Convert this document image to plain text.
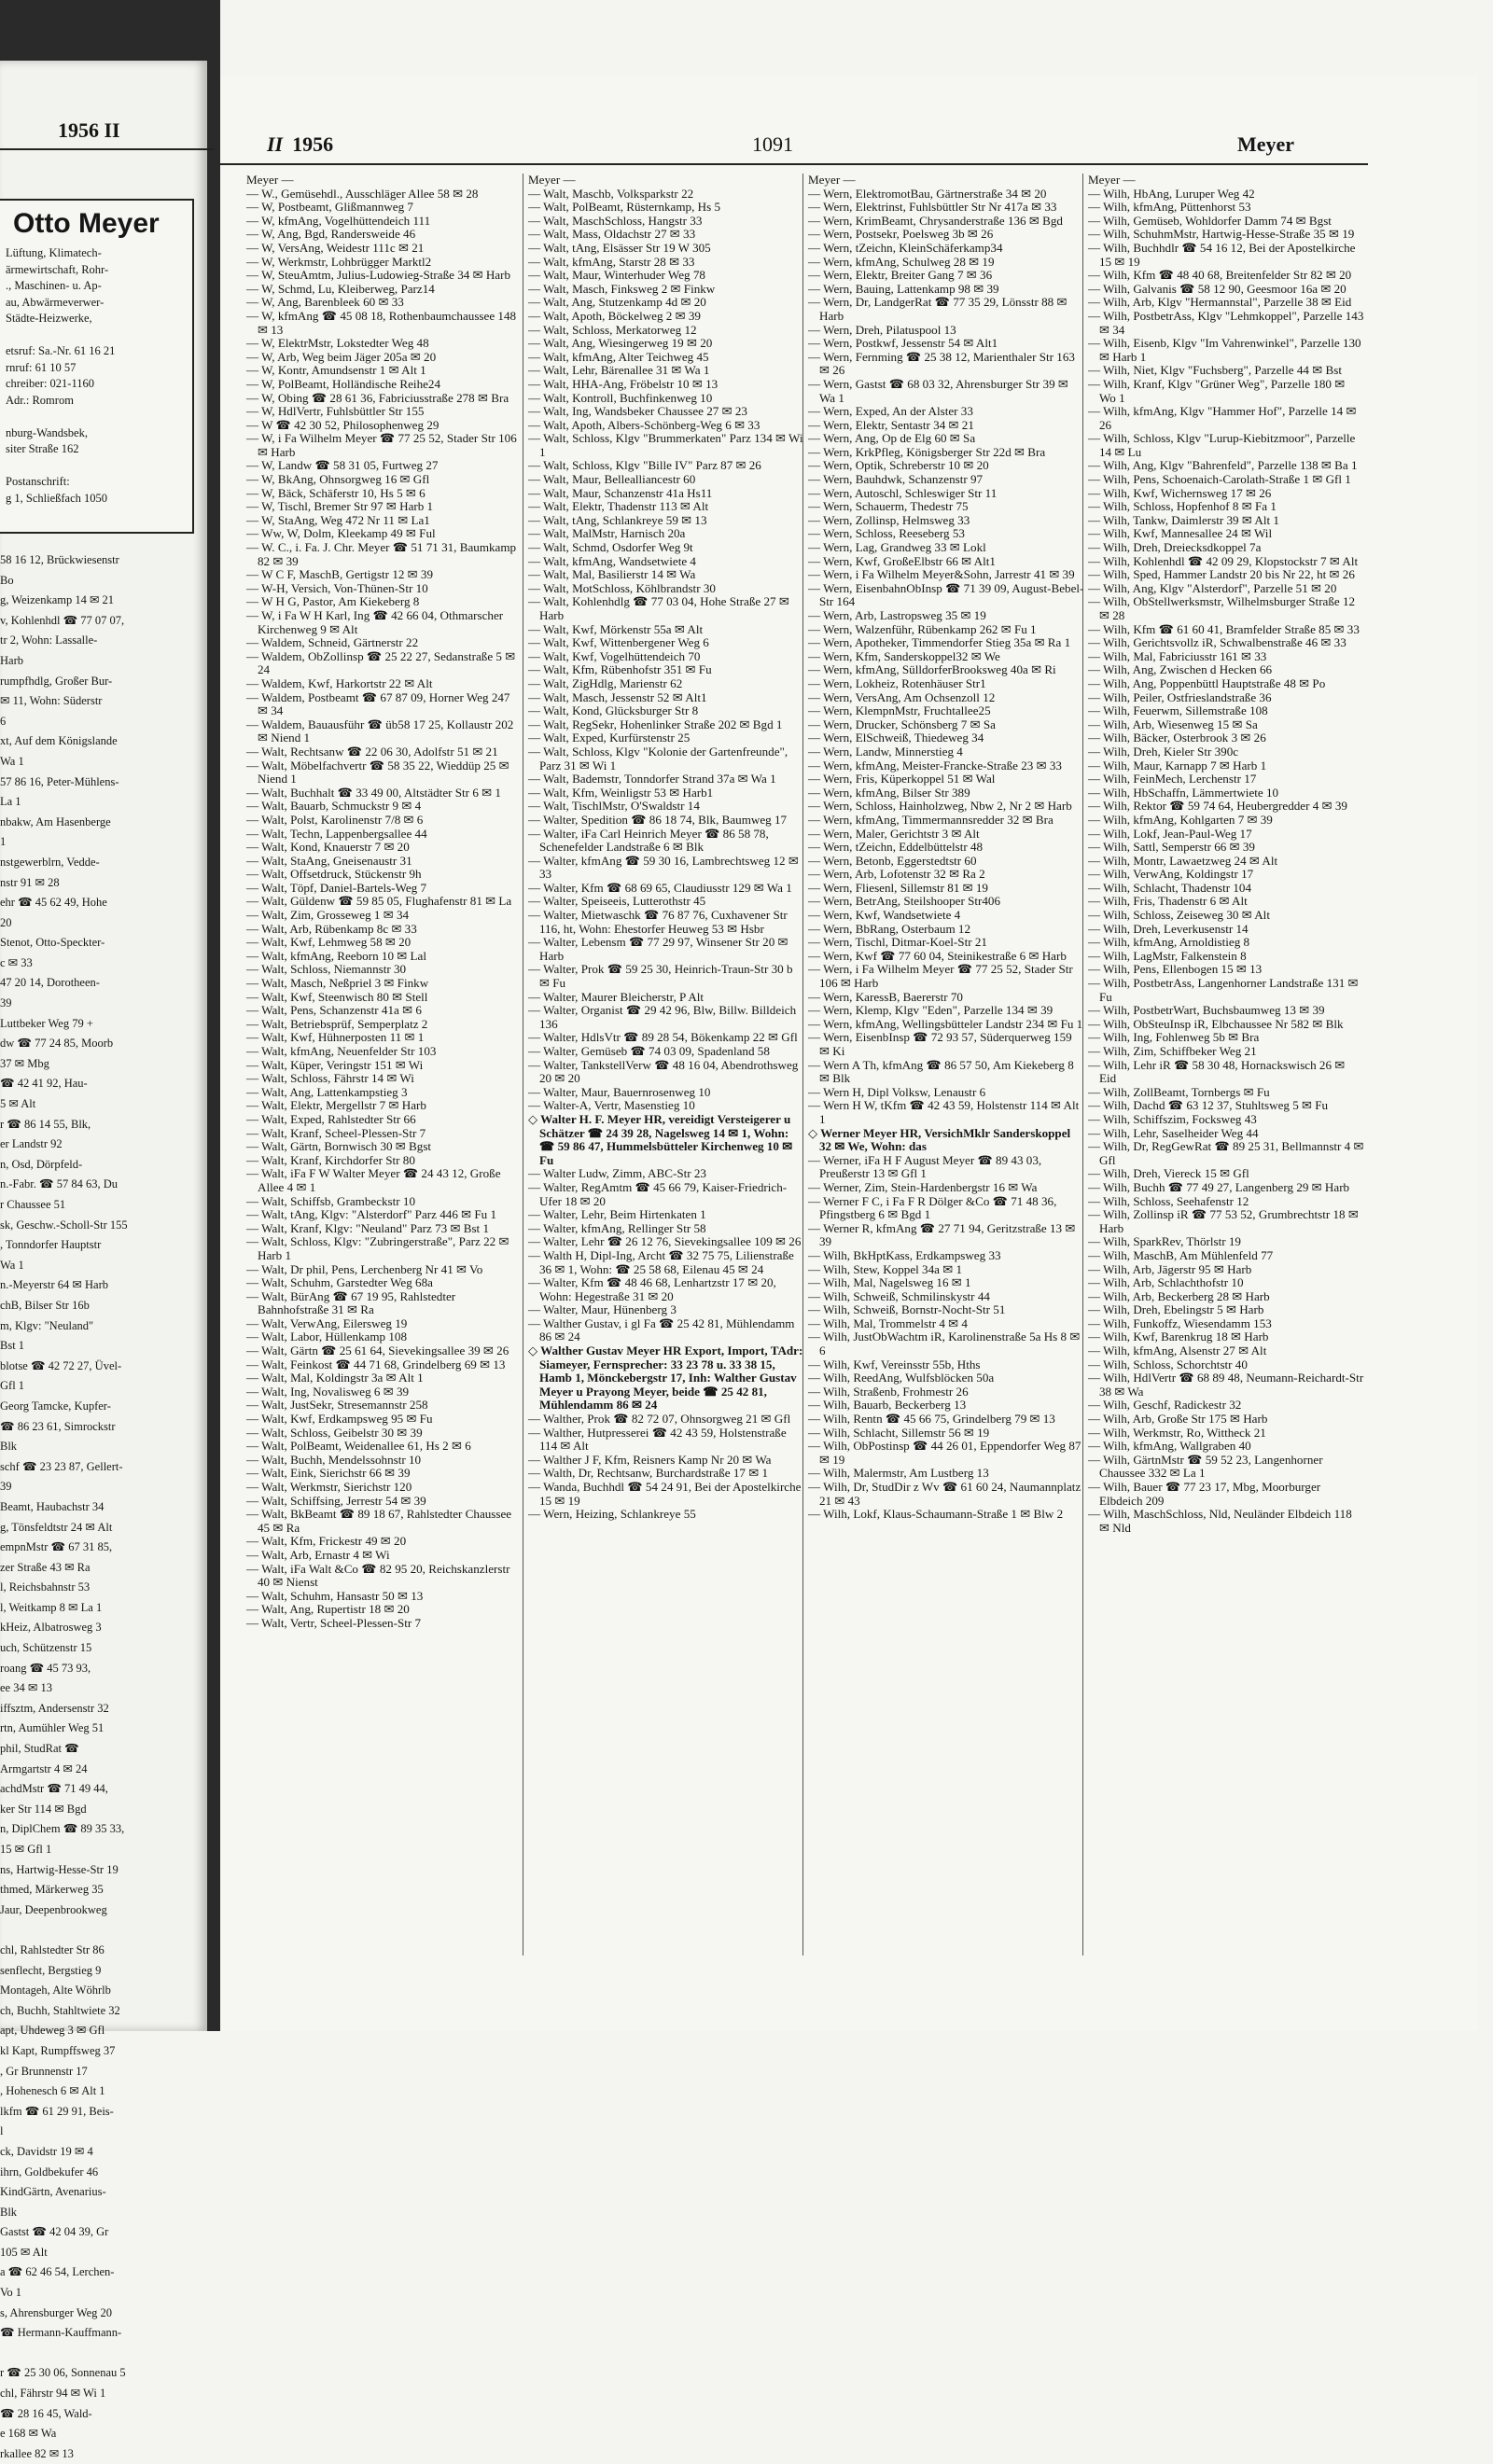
1956 II
Otto Meyer
Lüftung, Klimatech-
ärmewirtschaft, Rohr-
., Maschinen- u. Ap-
au, Abwärmeverwer-
Städte-Heizwerke,

etsruf: Sa.-Nr. 61 16 21
rnruf: 61 10 57
chreiber: 021-1160
Adr.: Romrom

nburg-Wandsbek,
siter Straße 162

Postanschrift:
g 1, Schließfach 1050
58 16 12, Brückwiesenstr
Bo
g, Weizenkamp 14 ✉ 21
v, Kohlenhdl ☎ 77 07 07,
tr 2, Wohn: Lassalle-
Harb
rumpfhdlg, Großer Bur-
✉ 11, Wohn: Süderstr
6
xt, Auf dem Königslande
Wa 1
57 86 16, Peter-Mühlens-
La 1
nbakw, Am Hasenberge
1
nstgewerblrn, Vedde-
nstr 91 ✉ 28
ehr ☎ 45 62 49, Hohe
20
Stenot, Otto-Speckter-
c ✉ 33
47 20 14, Dorotheen-
39
Luttbeker Weg 79 +
dw ☎ 77 24 85, Moorb
37 ✉ Mbg
☎ 42 41 92, Hau-
5 ✉ Alt
r ☎ 86 14 55, Blk,
er Landstr 92
n, Osd, Dörpfeld-
n.-Fabr. ☎ 57 84 63, Du
r Chaussee 51
sk, Geschw.-Scholl-Str 155
, Tonndorfer Hauptstr
Wa 1
n.-Meyerstr 64 ✉ Harb
chB, Bilser Str 16b
m, Klgv: "Neuland"
Bst 1
blotse ☎ 42 72 27, Üvel-
Gfl 1
Georg Tamcke, Kupfer-
☎ 86 23 61, Simrockstr
Blk
schf ☎ 23 23 87, Gellert-
39
Beamt, Haubachstr 34
g, Tönsfeldtstr 24 ✉ Alt
empnMstr ☎ 67 31 85,
zer Straße 43 ✉ Ra
l, Reichsbahnstr 53
l, Weitkamp 8 ✉ La 1
kHeiz, Albatrosweg 3
uch, Schützenstr 15
roang ☎ 45 73 93,
ee 34 ✉ 13
iffsztm, Andersenstr 32
rtn, Aumühler Weg 51
phil, StudRat ☎
Armgartstr 4 ✉ 24
achdMstr ☎ 71 49 44,
ker Str 114 ✉ Bgd
n, DiplChem ☎ 89 35 33,
15 ✉ Gfl 1
ns, Hartwig-Hesse-Str 19
thmed, Märkerweg 35
Jaur, Deepenbrookweg

chl, Rahlstedter Str 86
senflecht, Bergstieg 9
Montageh, Alte Wöhrlb
ch, Buchh, Stahltwiete 32
apt, Uhdeweg 3 ✉ Gfl
kl Kapt, Rumpffsweg 37
, Gr Brunnenstr 17
, Hohenesch 6 ✉ Alt 1
lkfm ☎ 61 29 91, Beis-
l
ck, Davidstr 19 ✉ 4
ihrn, Goldbekufer 46
KindGärtn, Avenarius-
Blk
Gastst ☎ 42 04 39, Gr
105 ✉ Alt
a ☎ 62 46 54, Lerchen-
Vo 1
s, Ahrensburger Weg 20
☎ Hermann-Kauffmann-

r ☎ 25 30 06, Sonnenau 5
chl, Fährstr 94 ✉ Wi 1
☎ 28 16 45, Wald-
e 168 ✉ Wa
rkallee 82 ✉ 13
II 1956	1091	Meyer

Meyer —

— W., Gemüsehdl., Ausschläger Allee 58 ✉ 28

— W, Postbeamt, Glißmannweg 7

— W, kfmAng, Vogelhüttendeich 111

— W, Ang, Bgd, Randersweide 46

— W, VersAng, Weidestr 111c ✉ 21

— W, Werkmstr, Lohbrügger Marktl2

— W, SteuAmtm, Julius-Ludowieg-Straße 34 ✉ Harb

— W, Schmd, Lu, Kleiberweg, Parz14

— W, Ang, Barenbleek 60 ✉ 33

— W, kfmAng ☎ 45 08 18, Rothenbaumchaussee 148 ✉ 13

— W, ElektrMstr, Lokstedter Weg 48

— W, Arb, Weg beim Jäger 205a ✉ 20

— W, Kontr, Amundsenstr 1 ✉ Alt 1

— W, PolBeamt, Holländische Reihe24

— W, Obing ☎ 28 61 36, Fabriciusstraße 278 ✉ Bra

— W, HdlVertr, Fuhlsbüttler Str 155

— W ☎ 42 30 52, Philosophenweg 29

— W, i Fa Wilhelm Meyer ☎ 77 25 52, Stader Str 106 ✉ Harb

— W, Landw ☎ 58 31 05, Furtweg 27

— W, BkAng, Ohnsorgweg 16 ✉ Gfl

— W, Bäck, Schäferstr 10, Hs 5 ✉ 6

— W, Tischl, Bremer Str 97 ✉ Harb 1

— W, StaAng, Weg 472 Nr 11 ✉ La1

— Ww, W, Dolm, Kleekamp 49 ✉ Ful

— W. C., i. Fa. J. Chr. Meyer ☎ 51 71 31, Baumkamp 82 ✉ 39

— W C F, MaschB, Gertigstr 12 ✉ 39

— W-H, Versich, Von-Thünen-Str 10

— W H G, Pastor, Am Kiekeberg 8

— W, i Fa W H Karl, Ing ☎ 42 66 04, Othmarscher Kirchenweg 9 ✉ Alt

— Waldem, Schneid, Gärtnerstr 22

— Waldem, ObZollinsp ☎ 25 22 27, Sedanstraße 5 ✉ 24

— Waldem, Kwf, Harkortstr 22 ✉ Alt

— Waldem, Postbeamt ☎ 67 87 09, Horner Weg 247 ✉ 34

— Waldem, Bauausführ ☎ üb58 17 25, Kollaustr 202 ✉ Niend 1

— Walt, Rechtsanw ☎ 22 06 30, Adolfstr 51 ✉ 21

— Walt, Möbelfachvertr ☎ 58 35 22, Wieddüp 25 ✉ Niend 1

— Walt, Buchhalt ☎ 33 49 00, Altstädter Str 6 ✉ 1

— Walt, Bauarb, Schmuckstr 9 ✉ 4

— Walt, Polst, Karolinenstr 7/8 ✉ 6

— Walt, Techn, Lappenbergsallee 44

— Walt, Kond, Knauerstr 7 ✉ 20

— Walt, StaAng, Gneisenaustr 31

— Walt, Offsetdruck, Stückenstr 9h

— Walt, Töpf, Daniel-Bartels-Weg 7

— Walt, Güldenw ☎ 59 85 05, Flughafenstr 81 ✉ La

— Walt, Zim, Grosseweg 1 ✉ 34

— Walt, Arb, Rübenkamp 8c ✉ 33

— Walt, Kwf, Lehmweg 58 ✉ 20

— Walt, kfmAng, Reeborn 10 ✉ Lal

— Walt, Schloss, Niemannstr 30

— Walt, Masch, Neßpriel 3 ✉ Finkw

— Walt, Kwf, Steenwisch 80 ✉ Stell

— Walt, Pens, Schanzenstr 41a ✉ 6

— Walt, Betriebsprüf, Semperplatz 2

— Walt, Kwf, Hühnerposten 11 ✉ 1

— Walt, kfmAng, Neuenfelder Str 103

— Walt, Küper, Veringstr 151 ✉ Wi

— Walt, Schloss, Fährstr 14 ✉ Wi

— Walt, Ang, Lattenkampstieg 3

— Walt, Elektr, Mergellstr 7 ✉ Harb

— Walt, Exped, Rahlstedter Str 66

— Walt, Kranf, Scheel-Plessen-Str 7

— Walt, Gärtn, Bornwisch 30 ✉ Bgst

— Walt, Kranf, Kirchdorfer Str 80

— Walt, iFa F W Walter Meyer ☎ 24 43 12, Große Allee 4 ✉ 1

— Walt, Schiffsb, Grambeckstr 10

— Walt, tAng, Klgv: "Alsterdorf" Parz 446 ✉ Fu 1

— Walt, Kranf, Klgv: "Neuland" Parz 73 ✉ Bst 1

— Walt, Schloss, Klgv: "Zubringerstraße", Parz 22 ✉ Harb 1

— Walt, Dr phil, Pens, Lerchenberg Nr 41 ✉ Vo

— Walt, Schuhm, Garstedter Weg 68a

— Walt, BürAng ☎ 67 19 95, Rahlstedter Bahnhofstraße 31 ✉ Ra

— Walt, VerwAng, Eilersweg 19

— Walt, Labor, Hüllenkamp 108

— Walt, Gärtn ☎ 25 61 64, Sievekingsallee 39 ✉ 26

— Walt, Feinkost ☎ 44 71 68, Grindelberg 69 ✉ 13

— Walt, Mal, Koldingstr 3a ✉ Alt 1

— Walt, Ing, Novalisweg 6 ✉ 39

— Walt, JustSekr, Stresemannstr 258

— Walt, Kwf, Erdkampsweg 95 ✉ Fu

— Walt, Schloss, Geibelstr 30 ✉ 39

— Walt, PolBeamt, Weidenallee 61, Hs 2 ✉ 6

— Walt, Buchh, Mendelssohnstr 10

— Walt, Eink, Sierichstr 66 ✉ 39

— Walt, Werkmstr, Sierichstr 120

— Walt, Schiffsing, Jerrestr 54 ✉ 39

— Walt, BkBeamt ☎ 89 18 67, Rahlstedter Chaussee 45 ✉ Ra

— Walt, Kfm, Frickestr 49 ✉ 20

— Walt, Arb, Ernastr 4 ✉ Wi

— Walt, iFa Walt &Co ☎ 82 95 20, Reichskanzlerstr 40 ✉ Nienst

— Walt, Schuhm, Hansastr 50 ✉ 13

— Walt, Ang, Rupertistr 18 ✉ 20

— Walt, Vertr, Scheel-Plessen-Str 7

Meyer —

— Walt, Maschb, Volksparkstr 22

— Walt, PolBeamt, Rüsternkamp, Hs 5

— Walt, MaschSchloss, Hangstr 33

— Walt, Mass, Oldachstr 27 ✉ 33

— Walt, tAng, Elsässer Str 19 W 305

— Walt, kfmAng, Starstr 28 ✉ 33

— Walt, Maur, Winterhuder Weg 78

— Walt, Masch, Finksweg 2 ✉ Finkw

— Walt, Ang, Stutzenkamp 4d ✉ 20

— Walt, Apoth, Böckelweg 2 ✉ 39

— Walt, Schloss, Merkatorweg 12

— Walt, Ang, Wiesingerweg 19 ✉ 20

— Walt, kfmAng, Alter Teichweg 45

— Walt, Lehr, Bärenallee 31 ✉ Wa 1

— Walt, HHA-Ang, Fröbelstr 10 ✉ 13

— Walt, Kontroll, Buchfinkenweg 10

— Walt, Ing, Wandsbeker Chaussee 27 ✉ 23

— Walt, Apoth, Albers-Schönberg-Weg 6 ✉ 33

— Walt, Schloss, Klgv "Brummerkaten" Parz 134 ✉ Wi 1

— Walt, Schloss, Klgv "Bille IV" Parz 87 ✉ 26

— Walt, Maur, Belleallianсestr 60

— Walt, Maur, Schanzenstr 41a Hs11

— Walt, Elektr, Thadenstr 113 ✉ Alt

— Walt, tAng, Schlankreye 59 ✉ 13

— Walt, MalMstr, Harnisch 20a

— Walt, Schmd, Osdorfer Weg 9t

— Walt, kfmAng, Wandsetwiete 4

— Walt, Mal, Basilierstr 14 ✉ Wa

— Walt, MotSchloss, Köhlbrandstr 30

— Walt, Kohlenhdlg ☎ 77 03 04, Hohe Straße 27 ✉ Harb

— Walt, Kwf, Mörkenstr 55a ✉ Alt

— Walt, Kwf, Wittenbergener Weg 6

— Walt, Kwf, Vogelhüttendeich 70

— Walt, Kfm, Rübenhofstr 351 ✉ Fu

— Walt, ZigHdlg, Marienstr 62

— Walt, Masch, Jessenstr 52 ✉ Alt1

— Walt, Kond, Glücksburger Str 8

— Walt, RegSekr, Hohenlinker Straße 202 ✉ Bgd 1

— Walt, Exped, Kurfürstenstr 25

— Walt, Schloss, Klgv "Kolonie der Gartenfreunde", Parz 31 ✉ Wi 1

— Walt, Bademstr, Tonndorfer Strand 37a ✉ Wa 1

— Walt, Kfm, Weinligstr 53 ✉ Harb1

— Walt, TischlMstr, O'Swaldstr 14

— Walter, Spedition ☎ 86 18 74, Blk, Baumweg 17

— Walter, iFa Carl Heinrich Meyer ☎ 86 58 78, Schenefelder Landstraße 6 ✉ Blk

— Walter, kfmAng ☎ 59 30 16, Lambrechtsweg 12 ✉ 33

— Walter, Kfm ☎ 68 69 65, Claudiusstr 129 ✉ Wa 1

— Walter, Speiseeis, Lutterothstr 45

— Walter, Mietwaschk ☎ 76 87 76, Cuxhavener Str 116, ht, Wohn: Ehestorfer Heuweg 53 ✉ Hsbr

— Walter, Lebensm ☎ 77 29 97, Winsener Str 20 ✉ Harb

— Walter, Prok ☎ 59 25 30, Heinrich-Traun-Str 30 b ✉ Fu

— Walter, Maurer Bleicherstr, P Alt

— Walter, Organist ☎ 29 42 96, Blw, Billw. Billdeich 136

— Walter, HdlsVtr ☎ 89 28 54, Bökenkamp 22 ✉ Gfl

— Walter, Gemüseb ☎ 74 03 09, Spadenland 58

— Walter, TankstellVerw ☎ 48 16 04, Abendrothsweg 20 ✉ 20

— Walter, Maur, Bauernrosenweg 10

— Walter-A, Vertr, Masenstieg 10

◇ Walter H. F. Meyer HR, vereidigt Versteigerer u Schätzer ☎ 24 39 28, Nagelsweg 14 ✉ 1, Wohn: ☎ 59 86 47, Hummelsbütteler Kirchenweg 10 ✉ Fu

— Walter Ludw, Zimm, ABC-Str 23

— Walter, RegAmtm ☎ 45 66 79, Kaiser-Friedrich-Ufer 18 ✉ 20

— Walter, Lehr, Beim Hirtenkaten 1

— Walter, kfmAng, Rellinger Str 58

— Walter, Lehr ☎ 26 12 76, Sievekingsallee 109 ✉ 26

— Walth H, Dipl-Ing, Archt ☎ 32 75 75, Lilienstraße 36 ✉ 1, Wohn: ☎ 25 58 68, Eilenau 45 ✉ 24

— Walter, Kfm ☎ 48 46 68, Lenhartzstr 17 ✉ 20, Wohn: Hegestraße 31 ✉ 20

— Walter, Maur, Hünenberg 3

— Walther Gustav, i gl Fa ☎ 25 42 81, Mühlendamm 86 ✉ 24

◇ Walther Gustav Meyer HR Export, Import, TAdr: Siameyer, Fernsprecher: 33 23 78 u. 33 38 15, Hamb 1, Mönckebergstr 17, Inh: Walther Gustav Meyer u Prayong Meyer, beide ☎ 25 42 81, Mühlendamm 86 ✉ 24

— Walther, Prok ☎ 82 72 07, Ohnsorgweg 21 ✉ Gfl

— Walther, Hutpresserei ☎ 42 43 59, Holstenstraße 114 ✉ Alt

— Walther J F, Kfm, Reisners Kamp Nr 20 ✉ Wa

— Walth, Dr, Rechtsanw, Burchardstraße 17 ✉ 1

— Wanda, Buchhdl ☎ 54 24 91, Bei der Apostelkirche 15 ✉ 19

— Wern, Heizing, Schlankreye 55

Meyer —

— Wern, ElektromotBau, Gärtnerstraße 34 ✉ 20

— Wern, Elektrinst, Fuhlsbüttler Str Nr 417a ✉ 33

— Wern, KrimBeamt, Chrysanderstraße 136 ✉ Bgd

— Wern, Postsekr, Poelsweg 3b ✉ 26

— Wern, tZeichn, KleinSchäferkamp34

— Wern, kfmAng, Schulweg 28 ✉ 19

— Wern, Elektr, Breiter Gang 7 ✉ 36

— Wern, Bauing, Lattenkamp 98 ✉ 39

— Wern, Dr, LandgerRat ☎ 77 35 29, Lönsstr 88 ✉ Harb

— Wern, Dreh, Pilatuspool 13

— Wern, Postkwf, Jessenstr 54 ✉ Alt1

— Wern, Fernming ☎ 25 38 12, Marienthaler Str 163 ✉ 26

— Wern, Gastst ☎ 68 03 32, Ahrensburger Str 39 ✉ Wa 1

— Wern, Exped, An der Alster 33

— Wern, Elektr, Sentastr 34 ✉ 21

— Wern, Ang, Op de Elg 60 ✉ Sa

— Wern, KrkPfleg, Königsberger Str 22d ✉ Bra

— Wern, Optik, Schreberstr 10 ✉ 20

— Wern, Bauhdwk, Schanzenstr 97

— Wern, Autoschl, Schleswiger Str 11

— Wern, Schauerm, Thedestr 75

— Wern, Zollinsp, Helmsweg 33

— Wern, Schloss, Reeseberg 53

— Wern, Lag, Grandweg 33 ✉ Lokl

— Wern, Kwf, GroßeElbstr 66 ✉ Alt1

— Wern, i Fa Wilhelm Meyer&Sohn, Jarrestr 41 ✉ 39

— Wern, EisenbahnObInsp ☎ 71 39 09, August-Bebel-Str 164

— Wern, Arb, Lastropsweg 35 ✉ 19

— Wern, Walzenführ, Rübenkamp 262 ✉ Fu 1

— Wern, Apotheker, Timmendorfer Stieg 35a ✉ Ra 1

— Wern, Kfm, Sanderskoppel32 ✉ We

— Wern, kfmAng, SülldorferBrooksweg 40a ✉ Ri

— Wern, Lokheiz, Rotenhäuser Str1

— Wern, VersAng, Am Ochsenzoll 12

— Wern, KlempnMstr, Fruchtallee25

— Wern, Drucker, Schönsberg 7 ✉ Sa

— Wern, ElSchweiß, Thiedeweg 34

— Wern, Landw, Minnerstieg 4

— Wern, kfmAng, Meister-Francke-Straße 23 ✉ 33

— Wern, Fris, Küperkoppel 51 ✉ Wal

— Wern, kfmAng, Bilser Str 389

— Wern, Schloss, Hainholzweg, Nbw 2, Nr 2 ✉ Harb

— Wern, kfmAng, Timmermannsredder 32 ✉ Bra

— Wern, Maler, Gerichtstr 3 ✉ Alt

— Wern, tZeichn, Eddelbüttelstr 48

— Wern, Betonb, Eggerstedtstr 60

— Wern, Arb, Lofotenstr 32 ✉ Ra 2

— Wern, Fliesenl, Sillemstr 81 ✉ 19

— Wern, BetrAng, Steilshooper Str406

— Wern, Kwf, Wandsetwiete 4

— Wern, BbRang, Osterbaum 12

— Wern, Tischl, Ditmar-Koel-Str 21

— Wern, Kwf ☎ 77 60 04, Steinikestraße 6 ✉ Harb

— Wern, i Fa Wilhelm Meyer ☎ 77 25 52, Stader Str 106 ✉ Harb

— Wern, KaressB, Baererstr 70

— Wern, Klemp, Klgv "Eden", Parzelle 134 ✉ 39

— Wern, kfmAng, Wellingsbütteler Landstr 234 ✉ Fu 1

— Wern, EisenbInsp ☎ 72 93 57, Süderquerweg 159 ✉ Ki

— Wern A Th, kfmAng ☎ 86 57 50, Am Kiekeberg 8 ✉ Blk

— Wern H, Dipl Volksw, Lenaustr 6

— Wern H W, tKfm ☎ 42 43 59, Holstenstr 114 ✉ Alt 1

◇ Werner Meyer HR, VersichMklr Sanderskoppel 32 ✉ We, Wohn: das

— Werner, iFa H F August Meyer ☎ 89 43 03, Preußerstr 13 ✉ Gfl 1

— Werner, Zim, Stein-Hardenbergstr 16 ✉ Wa

— Werner F C, i Fa F R Dölger &Co ☎ 71 48 36, Pfingstberg 6 ✉ Bgd 1

— Werner R, kfmAng ☎ 27 71 94, Geritzstraße 13 ✉ 39

— Wilh, BkHptKass, Erdkampsweg 33

— Wilh, Stew, Koppel 34a ✉ 1

— Wilh, Mal, Nagelsweg 16 ✉ 1

— Wilh, Schweiß, Schmilinskystr 44

— Wilh, Schweiß, Bornstr-Nocht-Str 51

— Wilh, Mal, Trommelstr 4 ✉ 4

— Wilh, JustObWachtm iR, Karolinenstraße 5a Hs 8 ✉ 6

— Wilh, Kwf, Vereinsstr 55b, Hths

— Wilh, ReedAng, Wulfsblöcken 50a

— Wilh, Straßenb, Frohmestr 26

— Wilh, Bauarb, Beckerberg 13

— Wilh, Rentn ☎ 45 66 75, Grindelberg 79 ✉ 13

— Wilh, Schlacht, Sillemstr 56 ✉ 19

— Wilh, ObPostinsp ☎ 44 26 01, Eppendorfer Weg 87 ✉ 19

— Wilh, Malermstr, Am Lustberg 13

— Wilh, Dr, StudDir z Wv ☎ 61 60 24, Naumannplatz 21 ✉ 43

— Wilh, Lokf, Klaus-Schaumann-Straße 1 ✉ Blw 2

Meyer —

— Wilh, HbAng, Luruper Weg 42

— Wilh, kfmAng, Püttenhorst 53

— Wilh, Gemüseb, Wohldorfer Damm 74 ✉ Bgst

— Wilh, SchuhmMstr, Hartwig-Hesse-Straße 35 ✉ 19

— Wilh, Buchhdlr ☎ 54 16 12, Bei der Apostelkirche 15 ✉ 19

— Wilh, Kfm ☎ 48 40 68, Breitenfelder Str 82 ✉ 20

— Wilh, Galvanis ☎ 58 12 90, Geesmoor 16a ✉ 20

— Wilh, Arb, Klgv "Hermannstal", Parzelle 38 ✉ Eid

— Wilh, PostbetrAss, Klgv "Lehmkoppel", Parzelle 143 ✉ 34

— Wilh, Eisenb, Klgv "Im Vahrenwinkel", Parzelle 130 ✉ Harb 1

— Wilh, Niet, Klgv "Fuchsberg", Parzelle 44 ✉ Bst

— Wilh, Kranf, Klgv "Grüner Weg", Parzelle 180 ✉ Wo 1

— Wilh, kfmAng, Klgv "Hammer Hof", Parzelle 14 ✉ 26

— Wilh, Schloss, Klgv "Lurup-Kiebitzmoor", Parzelle 14 ✉ Lu

— Wilh, Ang, Klgv "Bahrenfeld", Parzelle 138 ✉ Ba 1

— Wilh, Pens, Schoenaich-Carolath-Straße 1 ✉ Gfl 1

— Wilh, Kwf, Wichernsweg 17 ✉ 26

— Wilh, Schloss, Hopfenhof 8 ✉ Fa 1

— Wilh, Tankw, Daimlerstr 39 ✉ Alt 1

— Wilh, Kwf, Mannesallee 24 ✉ Wil

— Wilh, Dreh, Dreiecksdkoppel 7a

— Wilh, Kohlenhdl ☎ 42 09 29, Klopstockstr 7 ✉ Alt

— Wilh, Sped, Hammer Landstr 20 bis Nr 22, ht ✉ 26

— Wilh, Ang, Klgv "Alsterdorf", Parzelle 51 ✉ 20

— Wilh, ObStellwerksmstr, Wilhelmsburger Straße 12 ✉ 28

— Wilh, Kfm ☎ 61 60 41, Bramfelder Straße 85 ✉ 33

— Wilh, Gerichtsvollz iR, Schwalbenstraße 46 ✉ 33

— Wilh, Mal, Fabriciusstr 161 ✉ 33

— Wilh, Ang, Zwischen d Hecken 66

— Wilh, Ang, Poppenbüttl Hauptstraße 48 ✉ Po

— Wilh, Peiler, Ostfrieslandstraße 36

— Wilh, Feuerwm, Sillemstraße 108

— Wilh, Arb, Wiesenweg 15 ✉ Sa

— Wilh, Bäcker, Osterbrook 3 ✉ 26

— Wilh, Dreh, Kieler Str 390c

— Wilh, Maur, Karnapp 7 ✉ Harb 1

— Wilh, FeinMech, Lerchenstr 17

— Wilh, HbSchaffn, Lämmertwiete 10

— Wilh, Rektor ☎ 59 74 64, Heubergredder 4 ✉ 39

— Wilh, kfmAng, Kohlgarten 7 ✉ 39

— Wilh, Lokf, Jean-Paul-Weg 17

— Wilh, Sattl, Semperstr 66 ✉ 39

— Wilh, Montr, Lawaetzweg 24 ✉ Alt

— Wilh, VerwAng, Koldingstr 17

— Wilh, Schlacht, Thadenstr 104

— Wilh, Fris, Thadenstr 6 ✉ Alt

— Wilh, Schloss, Zeiseweg 30 ✉ Alt

— Wilh, Dreh, Leverkusenstr 14

— Wilh, kfmAng, Arnoldistieg 8

— Wilh, LagMstr, Falkenstein 8

— Wilh, Pens, Ellenbogen 15 ✉ 13

— Wilh, PostbetrAss, Langenhorner Landstraße 131 ✉ Fu

— Wilh, PostbetrWart, Buchsbaumweg 13 ✉ 39

— Wilh, ObSteuInsp iR, Elbchaussee Nr 582 ✉ Blk

— Wilh, Ing, Fohlenweg 5b ✉ Bra

— Wilh, Zim, Schiffbeker Weg 21

— Wilh, Lehr iR ☎ 58 30 48, Hornackswisch 26 ✉ Eid

— Wilh, ZollBeamt, Tornbergs ✉ Fu

— Wilh, Dachd ☎ 63 12 37, Stuhltsweg 5 ✉ Fu

— Wilh, Schiffszim, Focksweg 43

— Wilh, Lehr, Saselheider Weg 44

— Wilh, Dr, RegGewRat ☎ 89 25 31, Bellmannstr 4 ✉ Gfl

— Wilh, Dreh, Viereck 15 ✉ Gfl

— Wilh, Buchh ☎ 77 49 27, Langenberg 29 ✉ Harb

— Wilh, Schloss, Seehafenstr 12

— Wilh, Zollinsp iR ☎ 77 53 52, Grumbrechtstr 18 ✉ Harb

— Wilh, SparkRev, Thörlstr 19

— Wilh, MaschB, Am Mühlenfeld 77

— Wilh, Arb, Jägerstr 95 ✉ Harb

— Wilh, Arb, Schlachthofstr 10

— Wilh, Arb, Beckerberg 28 ✉ Harb

— Wilh, Dreh, Ebelingstr 5 ✉ Harb

— Wilh, Funkoffz, Wiesendamm 153

— Wilh, Kwf, Barenkrug 18 ✉ Harb

— Wilh, kfmAng, Alsenstr 27 ✉ Alt

— Wilh, Schloss, Schorchtstr 40

— Wilh, HdlVertr ☎ 68 89 48, Neumann-Reichardt-Str 38 ✉ Wa

— Wilh, Geschf, Radickestr 32

— Wilh, Arb, Große Str 175 ✉ Harb

— Wilh, Werkmstr, Ro, Wittheck 21

— Wilh, kfmAng, Wallgraben 40

— Wilh, GärtnMstr ☎ 59 52 23, Langenhorner Chaussee 332 ✉ La 1

— Wilh, Bauer ☎ 77 23 17, Mbg, Moorburger Elbdeich 209

— Wilh, MaschSchloss, Nld, Neuländer Elbdeich 118 ✉ Nld
